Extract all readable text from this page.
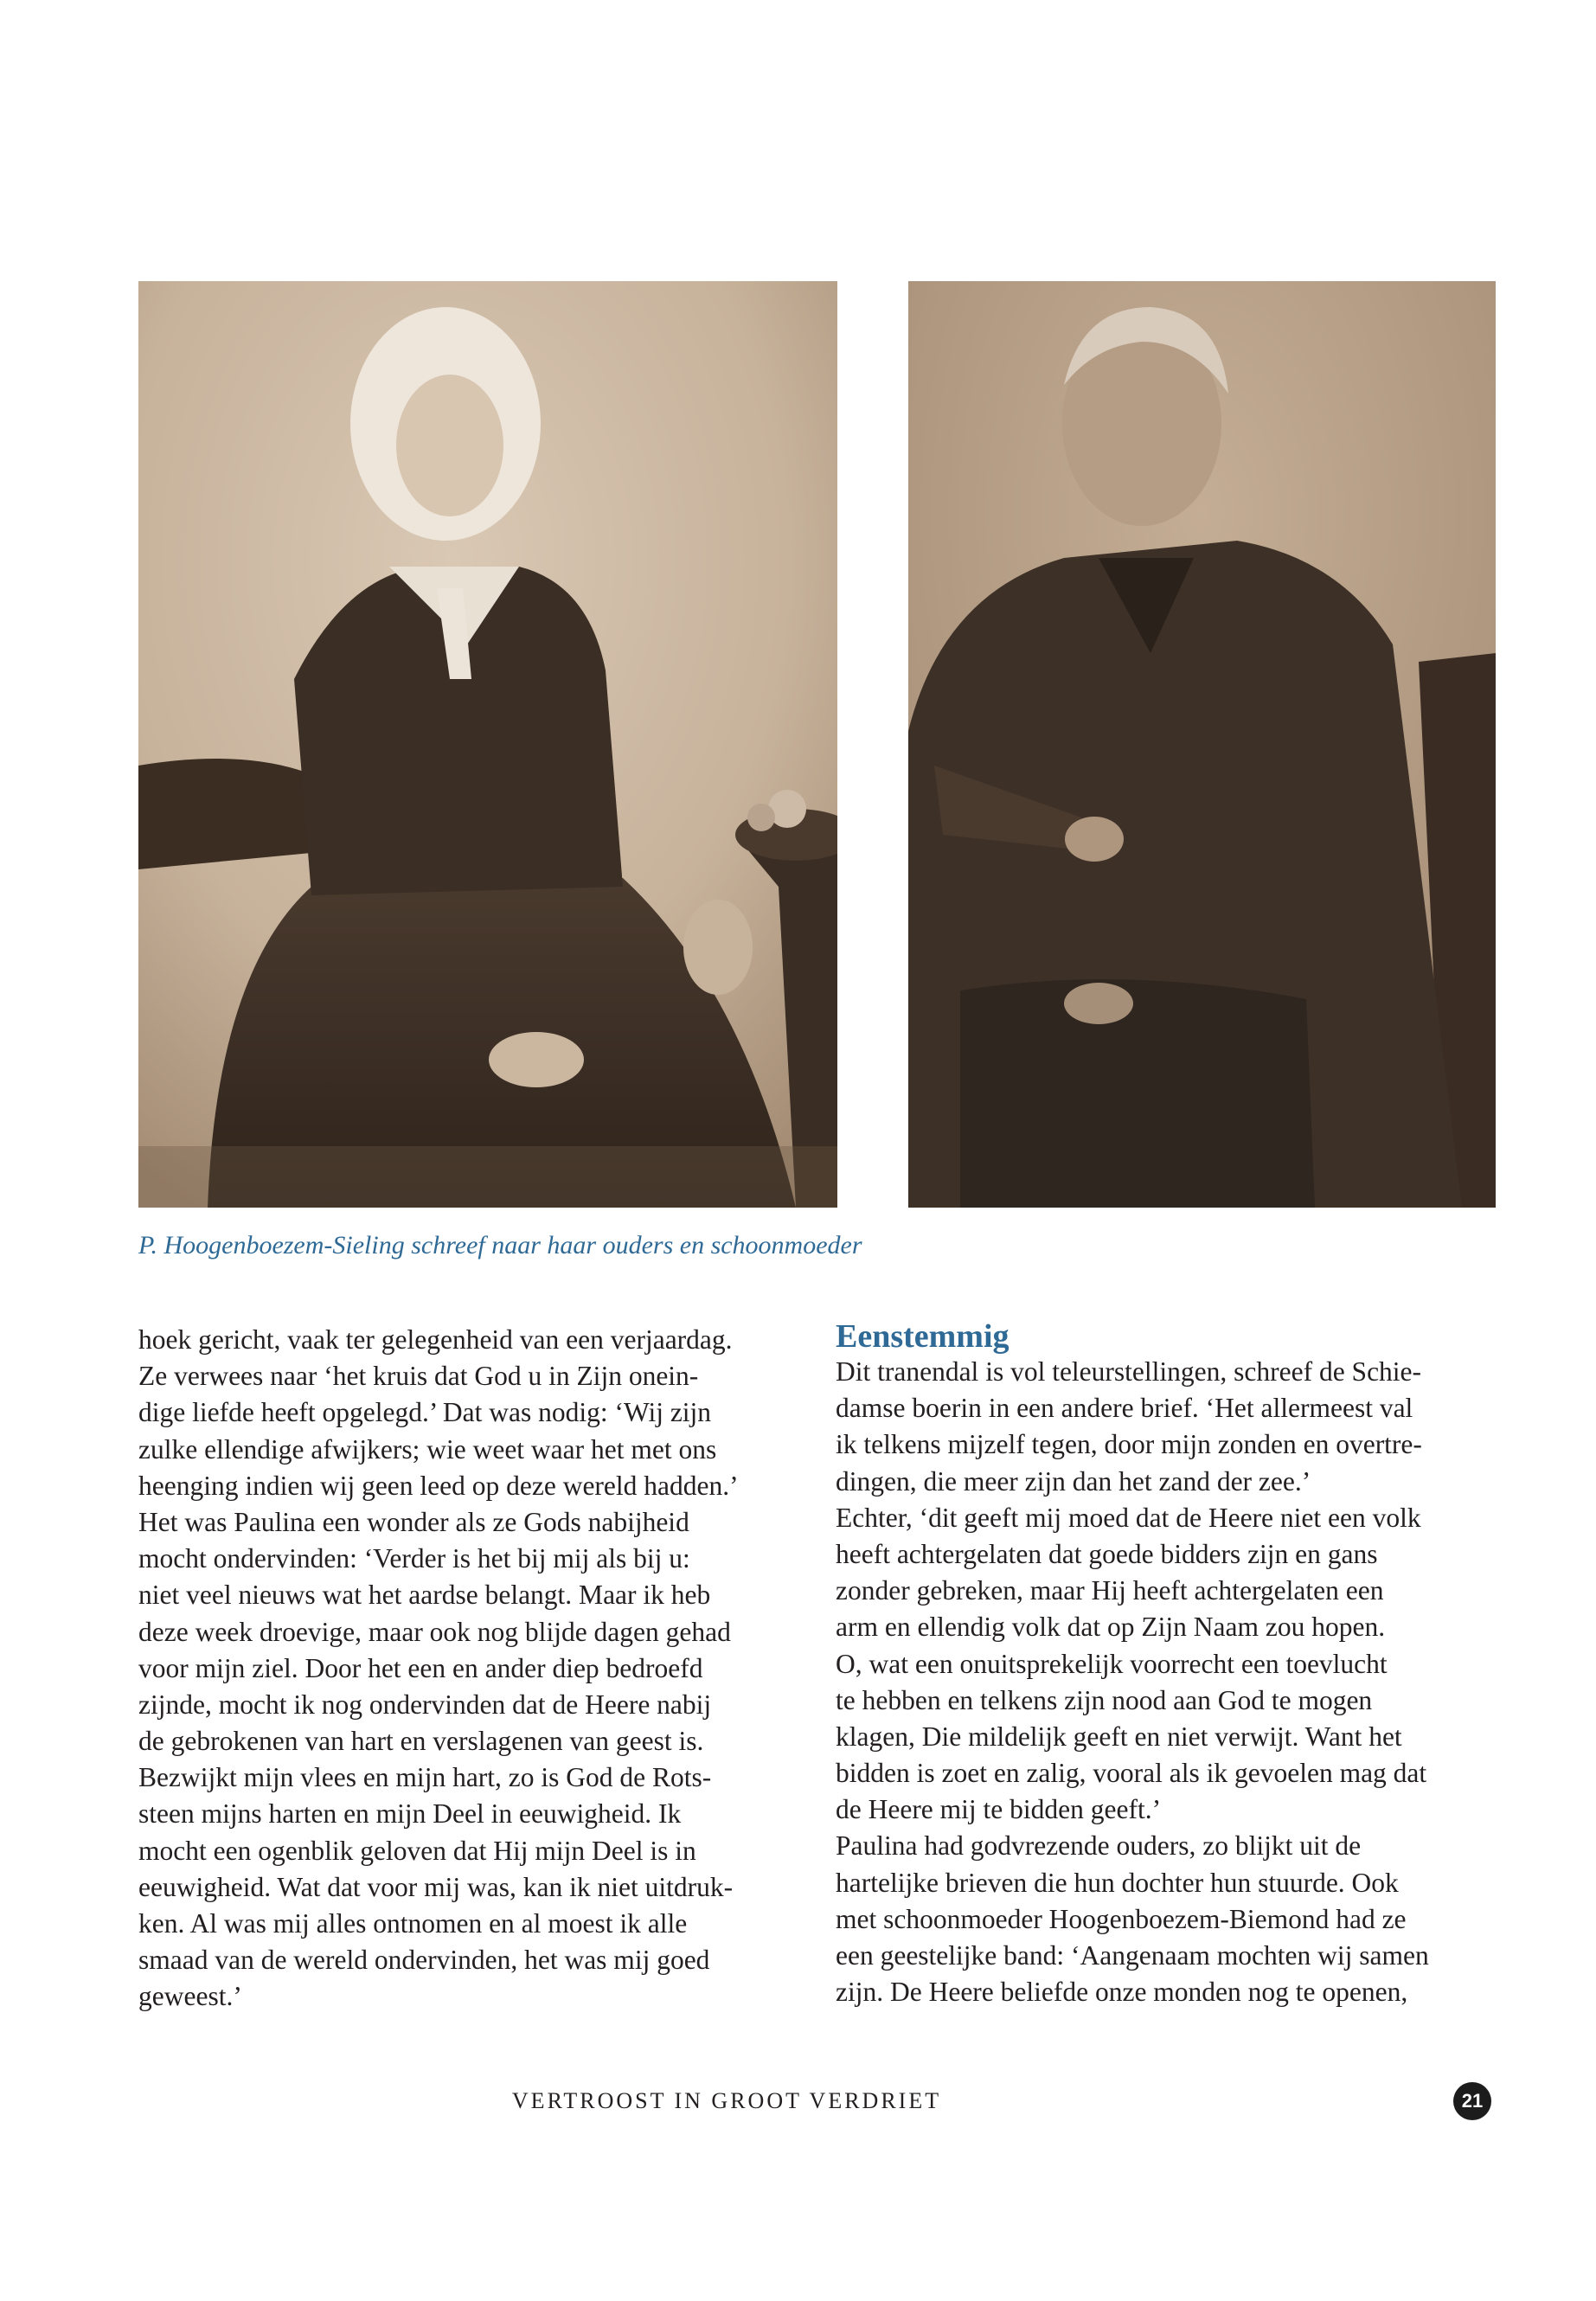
P. Hoogenboezem-Sieling schreef naar haar ouders en schoonmoeder
hoek gericht, vaak ter gelegenheid van een verjaardag.
Ze verwees naar ‘het kruis dat God u in Zijn onein-
dige liefde heeft opgelegd.’ Dat was nodig: ‘Wij zijn
zulke ellendige afwijkers; wie weet waar het met ons
heenging indien wij geen leed op deze wereld hadden.’
Het was Paulina een wonder als ze Gods nabijheid
mocht ondervinden: ‘Verder is het bij mij als bij u:
niet veel nieuws wat het aardse belangt. Maar ik heb
deze week droevige, maar ook nog blijde dagen gehad
voor mijn ziel. Door het een en ander diep bedroefd
zijnde, mocht ik nog ondervinden dat de Heere nabij
de gebrokenen van hart en verslagenen van geest is.
Bezwijkt mijn vlees en mijn hart, zo is God de Rots-
steen mijns harten en mijn Deel in eeuwigheid. Ik
mocht een ogenblik geloven dat Hij mijn Deel is in
eeuwigheid. Wat dat voor mij was, kan ik niet uitdruk-
ken. Al was mij alles ontnomen en al moest ik alle
smaad van de wereld ondervinden, het was mij goed
geweest.’
Eenstemmig
Dit tranendal is vol teleurstellingen, schreef de Schie-
damse boerin in een andere brief. ‘Het allermeest val
ik telkens mijzelf tegen, door mijn zonden en overtre-
dingen, die meer zijn dan het zand der zee.’
Echter, ‘dit geeft mij moed dat de Heere niet een volk
heeft achtergelaten dat goede bidders zijn en gans
zonder gebreken, maar Hij heeft achtergelaten een
arm en ellendig volk dat op Zijn Naam zou hopen.
O, wat een onuitsprekelijk voorrecht een toevlucht
te hebben en telkens zijn nood aan God te mogen
klagen, Die mildelijk geeft en niet verwijt. Want het
bidden is zoet en zalig, vooral als ik gevoelen mag dat
de Heere mij te bidden geeft.’
Paulina had godvrezende ouders, zo blijkt uit de
hartelijke brieven die hun dochter hun stuurde. Ook
met schoonmoeder Hoogenboezem-Biemond had ze
een geestelijke band: ‘Aangenaam mochten wij samen
zijn. De Heere beliefde onze monden nog te openen,
VERTROOST IN GROOT VERDRIET	21
